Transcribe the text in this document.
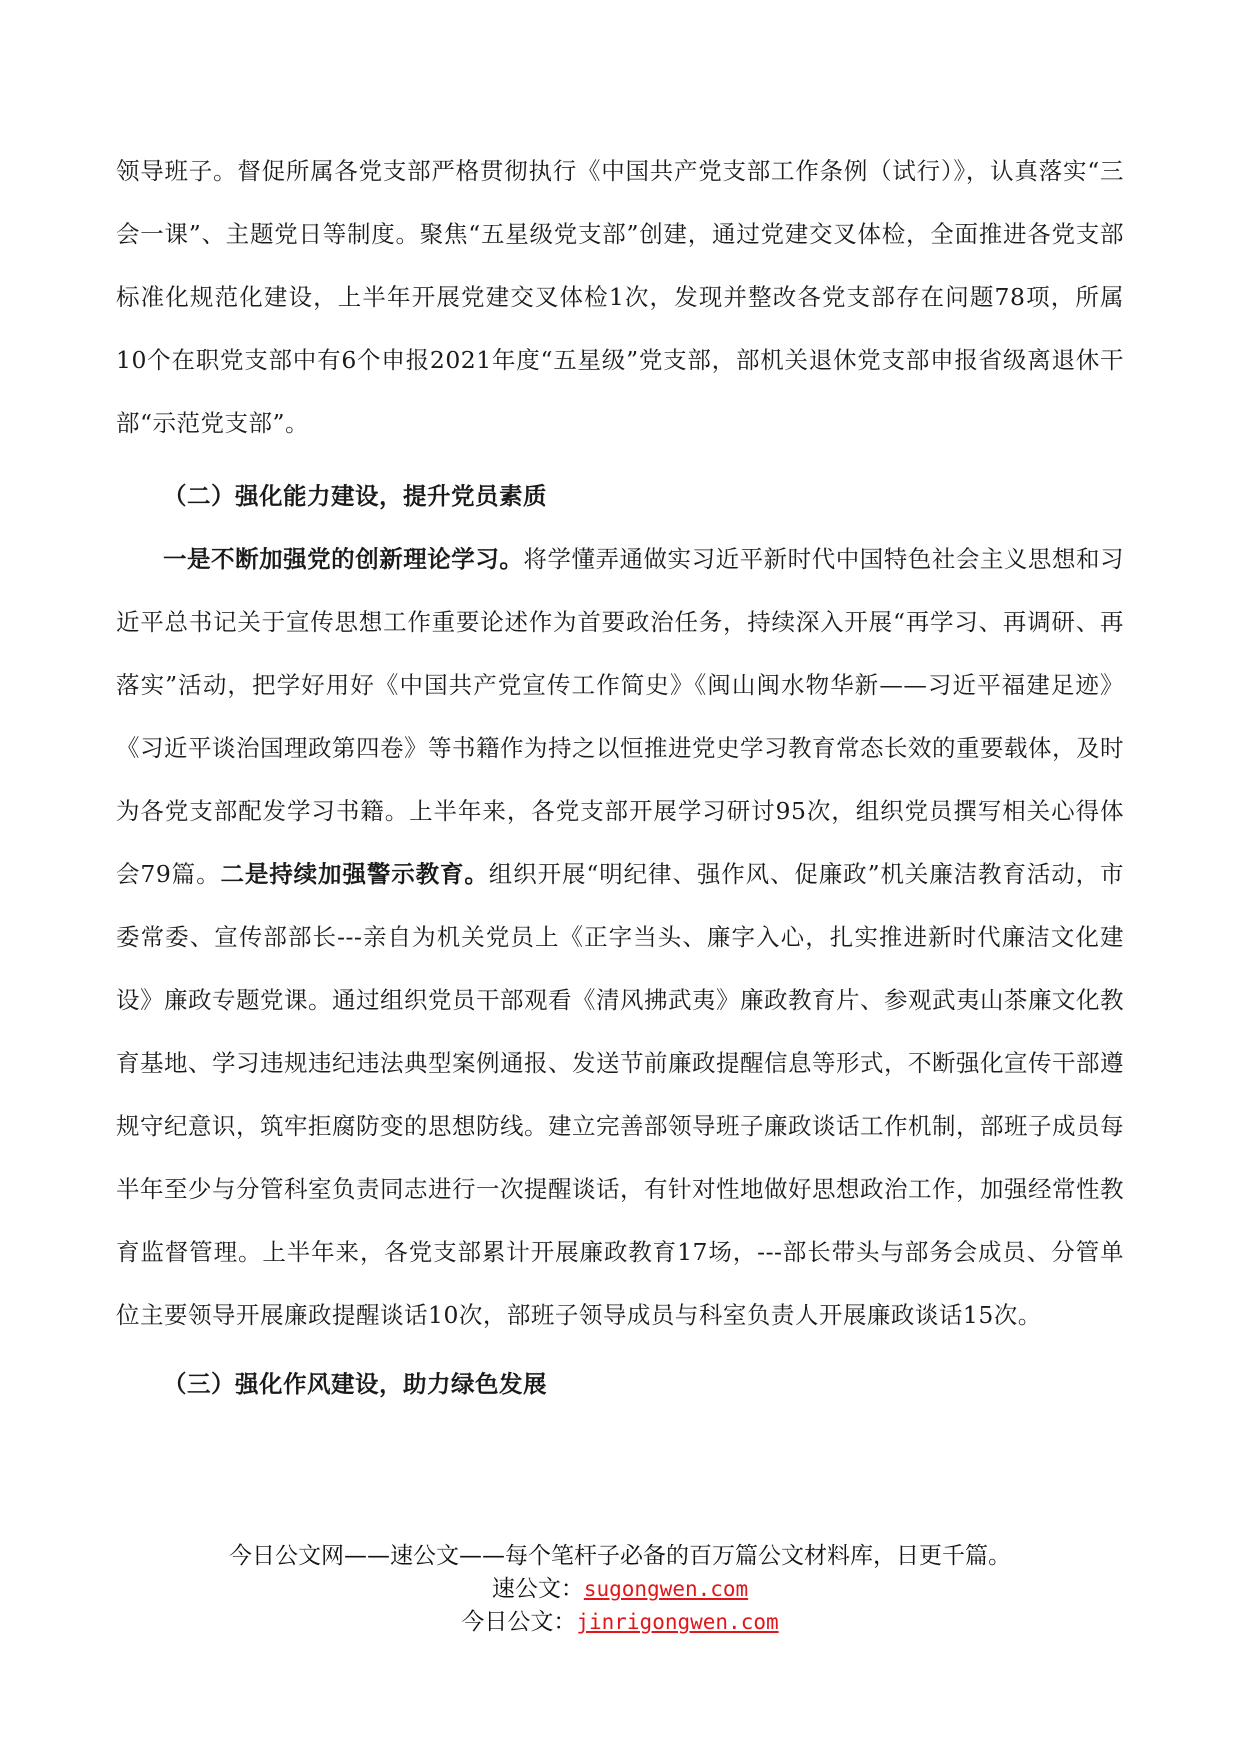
领导班子。督促所属各党支部严格贯彻执行《中国共产党支部工作条例（试行）》，认真落实“三会一课”、主题党日等制度。聚焦“五星级党支部”创建，通过党建交叉体检，全面推进各党支部标准化规范化建设，上半年开展党建交叉体检1次，发现并整改各党支部存在问题78项，所属10个在职党支部中有6个申报2021年度“五星级”党支部，部机关退休党支部申报省级离退休干部“示范党支部”。

（二）强化能力建设，提升党员素质

一是不断加强党的创新理论学习。将学懂弄通做实习近平新时代中国特色社会主义思想和习近平总书记关于宣传思想工作重要论述作为首要政治任务，持续深入开展“再学习、再调研、再落实”活动，把学好用好《中国共产党宣传工作简史》《闽山闽水物华新——习近平福建足迹》《习近平谈治国理政第四卷》等书籍作为持之以恒推进党史学习教育常态长效的重要载体，及时为各党支部配发学习书籍。上半年来，各党支部开展学习研讨95次，组织党员撰写相关心得体会79篇。二是持续加强警示教育。组织开展“明纪律、强作风、促廉政”机关廉洁教育活动，市委常委、宣传部部长---亲自为机关党员上《正字当头、廉字入心，扎实推进新时代廉洁文化建设》廉政专题党课。通过组织党员干部观看《清风拂武夷》廉政教育片、参观武夷山茶廉文化教育基地、学习违规违纪违法典型案例通报、发送节前廉政提醒信息等形式，不断强化宣传干部遵规守纪意识，筑牢拒腐防变的思想防线。建立完善部领导班子廉政谈话工作机制，部班子成员每半年至少与分管科室负责同志进行一次提醒谈话，有针对性地做好思想政治工作，加强经常性教育监督管理。上半年来，各党支部累计开展廉政教育17场，---部长带头与部务会成员、分管单位主要领导开展廉政提醒谈话10次，部班子领导成员与科室负责人开展廉政谈话15次。

（三）强化作风建设，助力绿色发展

今日公文网——速公文——每个笔杆子必备的百万篇公文材料库，日更千篇。
速公文：sugongwen.com
今日公文：jinrigongwen.com
